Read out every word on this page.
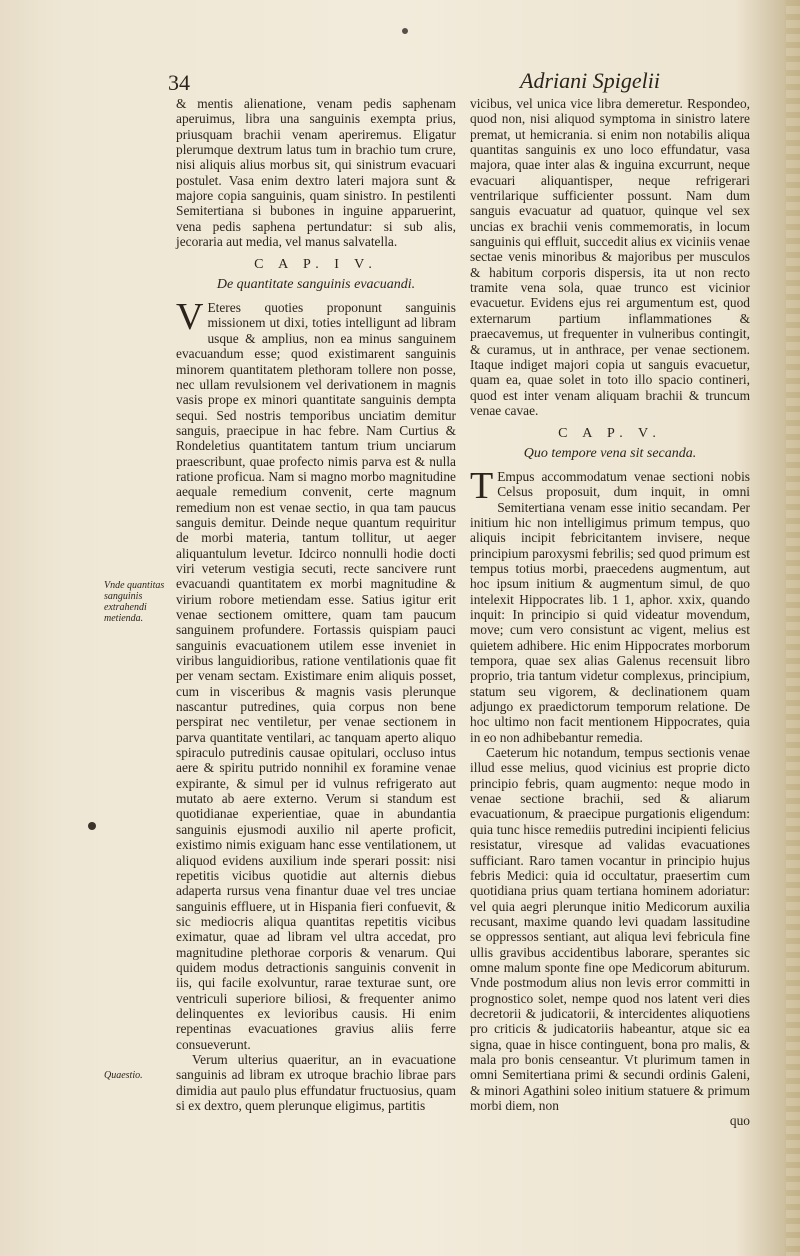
34	Adriani Spigelii
Vnde quantitas sanguinis extrahendi metienda.
Quaestio.

& mentis alienatione, venam pedis saphenam aperuimus, libra una sanguinis exempta prius, priusquam brachii venam aperiremus. Eligatur plerumque dextrum latus tum in brachio tum crure, nisi aliquis alius morbus sit, qui sinistrum evacuari postulet. Vasa enim dextro lateri majora sunt & majore copia sanguinis, quam sinistro. In pestilenti Semitertiana si bubones in inguine apparuerint, vena pedis saphena pertundatur: si sub alis, jecoraria aut media, vel manus salvatella.

C A P. I V.
De quantitate sanguinis evacuandi.

V Eteres quoties proponunt sanguinis missionem ut dixi, toties intelligunt ad libram usque & amplius, non ea minus sanguinem evacuandum esse; quod existimarent sanguinis minorem quantitatem plethoram tollere non posse, nec ullam revulsionem vel derivationem in magnis vasis prope ex minori quantitate sanguinis dempta sequi. Sed nostris temporibus unciatim demitur sanguis, praecipue in hac febre. Nam Curtius & Rondeletius quantitatem tantum trium unciarum praescribunt, quae profecto nimis parva est & nulla ratione proficua. Nam si magno morbo magnitudine aequale remedium convenit, certe magnum remedium non est venae sectio, in qua tam paucus sanguis demitur. Deinde neque quantum requiritur de morbi materia, tantum tollitur, ut aeger aliquantulum levetur. Idcirco nonnulli hodie docti viri veterum vestigia secuti, recte sancivere runt evacuandi quantitatem ex morbi magnitudine & virium robore metiendam esse. Satius igitur erit venae sectionem omittere, quam tam paucum sanguinem profundere. Fortassis quispiam pauci sanguinis evacuationem utilem esse inveniet in viribus languidioribus, ratione ventilationis quae fit per venam sectam. Existimare enim aliquis posset, cum in visceribus & magnis vasis plerunque nascantur putredines, quia corpus non bene perspirat nec ventiletur, per venae sectionem in parva quantitate ventilari, ac tanquam aperto aliquo spiraculo putredinis causae opitulari, occluso intus aere & spiritu putrido nonnihil ex foramine venae expirante, & simul per id vulnus refrigerato aut mutato ab aere externo. Verum si standum est quotidianae experientiae, quae in abundantia sanguinis ejusmodi auxilio nil aperte proficit, existimo nimis exiguam hanc esse ventilationem, ut aliquod evidens auxilium inde sperari possit: nisi repetitis vicibus quotidie aut alternis diebus adaperta rursus vena finantur duae vel tres unciae sanguinis effluere, ut in Hispania fieri confuevit, & sic mediocris aliqua quantitas repetitis vicibus eximatur, quae ad libram vel ultra accedat, pro magnitudine plethorae corporis & venarum. Qui quidem modus detractionis sanguinis convenit in iis, qui facile exolvuntur, rarae texturae sunt, ore ventriculi superiore biliosi, & frequenter animo delinquentes ex levioribus causis. Hi enim repentinas evacuationes gravius aliis ferre consueverunt.

Verum ulterius quaeritur, an in evacuatione sanguinis ad libram ex utroque brachio librae pars dimidia aut paulo plus effundatur fructuosius, quam si ex dextro, quem plerunque eligimus, partitis

vicibus, vel unica vice libra demeretur. Respondeo, quod non, nisi aliquod symptoma in sinistro latere premat, ut hemicrania. si enim non notabilis aliqua quantitas sanguinis ex uno loco effundatur, vasa majora, quae inter alas & inguina excurrunt, neque evacuari aliquantisper, neque refrigerari ventrilarique sufficienter possunt. Nam dum sanguis evacuatur ad quatuor, quinque vel sex uncias ex brachii venis commemoratis, in locum sanguinis qui effluit, succedit alius ex viciniis venae sectae venis minoribus & majoribus per musculos & habitum corporis dispersis, ita ut non recto tramite vena sola, quae trunco est vicinior evacuetur. Evidens ejus rei argumentum est, quod externarum partium inflammationes & praecavemus, ut frequenter in vulneribus contingit, & curamus, ut in anthrace, per venae sectionem. Itaque indiget majori copia ut sanguis evacuetur, quam ea, quae solet in toto illo spacio contineri, quod est inter venam aliquam brachii & truncum venae cavae.

C A P. V.
Quo tempore vena sit secanda.

T Empus accommodatum venae sectioni nobis Celsus proposuit, dum inquit, in omni Semitertiana venam esse initio secandam. Per initium hic non intelligimus primum tempus, quo aliquis incipit febricitantem invisere, neque principium paroxysmi febrilis; sed quod primum est tempus totius morbi, praecedens augmentum, aut hoc ipsum initium & augmentum simul, de quo intelexit Hippocrates lib. 1 1, aphor. xxix, quando inquit: In principio si quid videatur movendum, move; cum vero consistunt ac vigent, melius est quietem adhibere. Hic enim Hippocrates morborum tempora, quae sex alias Galenus recensuit libro proprio, tria tantum videtur complexus, principium, statum seu vigorem, & declinationem quam adjungo ex praedictorum temporum relatione. De hoc ultimo non facit mentionem Hippocrates, quia in eo non adhibebantur remedia.

Caeterum hic notandum, tempus sectionis venae illud esse melius, quod vicinius est proprie dicto principio febris, quam augmento: neque modo in venae sectione brachii, sed & aliarum evacuationum, & praecipue purgationis eligendum: quia tunc hisce remediis putredini incipienti felicius resistatur, viresque ad validas evacuationes sufficiant. Raro tamen vocantur in principio hujus febris Medici: quia id occultatur, praesertim cum quotidiana prius quam tertiana hominem adoriatur: vel quia aegri plerunque initio Medicorum auxilia recusant, maxime quando levi quadam lassitudine se oppressos sentiant, aut aliqua levi febricula fine ullis gravibus accidentibus laborare, sperantes sic omne malum sponte fine ope Medicorum abiturum. Vnde postmodum alius non levis error committi in prognostico solet, nempe quod nos latent veri dies decretorii & judicatorii, & intercidentes aliquotiens pro criticis & judicatoriis habeantur, atque sic ea signa, quae in hisce continguent, bona pro malis, & mala pro bonis censeantur. Vt plurimum tamen in omni Semitertiana primi & secundi ordinis Galeni, & minori Agathini soleo initium statuere & primum morbi diem, non

quo
